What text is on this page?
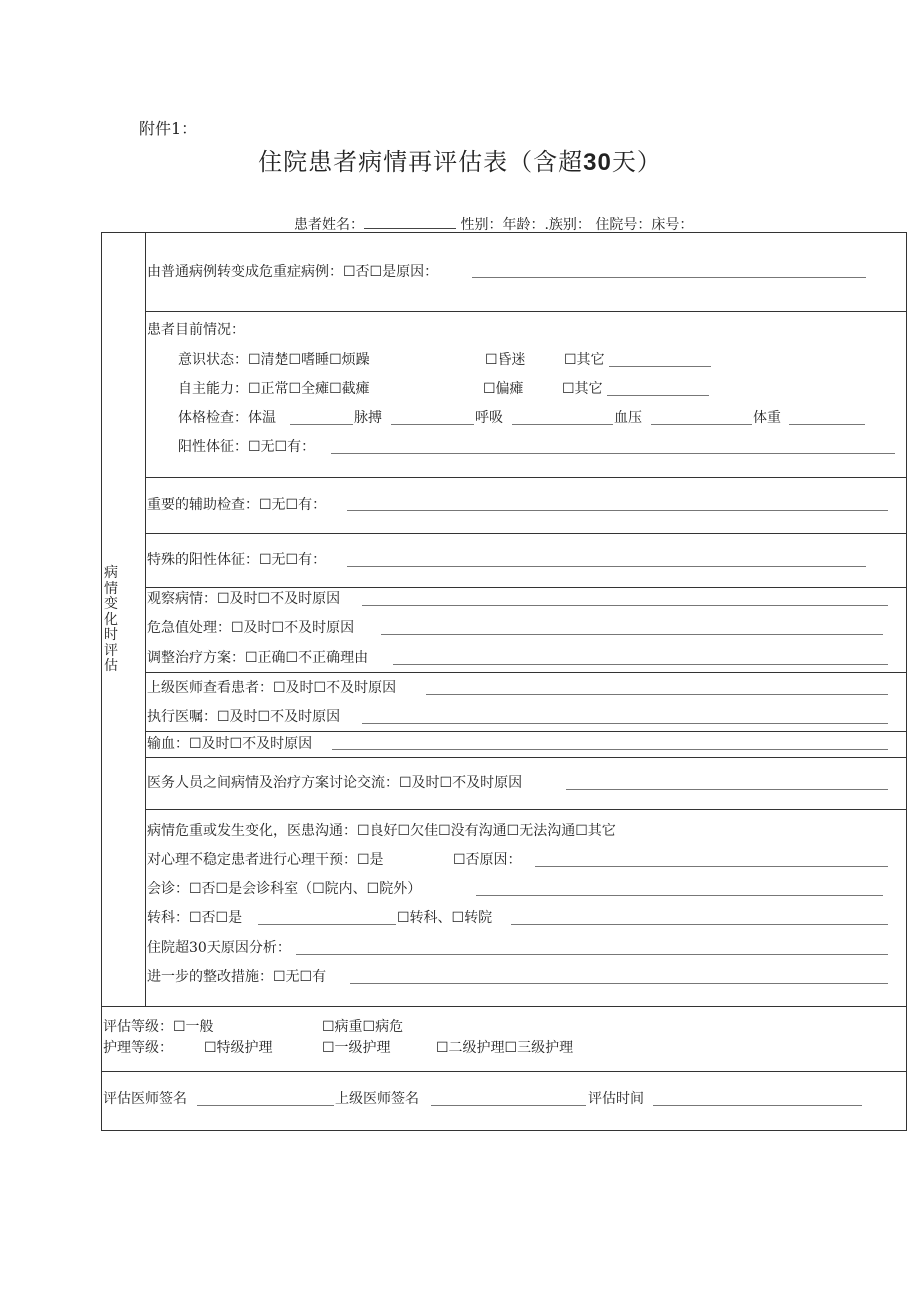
附件1：
住院患者病情再评估表（含超30天）
患者姓名：	性别：年龄：.族别： 住院号：床号：
病
情
变
化
时
评
估
由普通病例转变成危重症病例：☐否☐是原因：
患者目前情况：
意识状态：☐清楚☐嗜睡☐烦躁	☐昏迷	☐其它
自主能力：☐正常☐全瘫☐截瘫	☐偏瘫	☐其它
体格检查：体温	脉搏	呼吸	血压	体重
阳性体征：☐无☐有：
重要的辅助检查：☐无☐有：
特殊的阳性体征：☐无☐有：
观察病情：☐及时☐不及时原因
危急值处理：☐及时☐不及时原因
调整治疗方案：☐正确☐不正确理由
上级医师查看患者：☐及时☐不及时原因
执行医嘱：☐及时☐不及时原因
输血：☐及时☐不及时原因
医务人员之间病情及治疗方案讨论交流：☐及时☐不及时原因
病情危重或发生变化，医患沟通：☐良好☐欠佳☐没有沟通☐无法沟通☐其它
对心理不稳定患者进行心理干预：☐是	☐否原因：
会诊：☐否☐是会诊科室（☐院内、☐院外）
转科：☐否☐是	☐转科、☐转院
住院超30天原因分析：
进一步的整改措施：☐无☐有
评估等级：☐一般	☐病重☐病危
护理等级： ☐特级护理	☐一级护理	☐二级护理☐三级护理
评估医师签名	上级医师签名	评估时间
